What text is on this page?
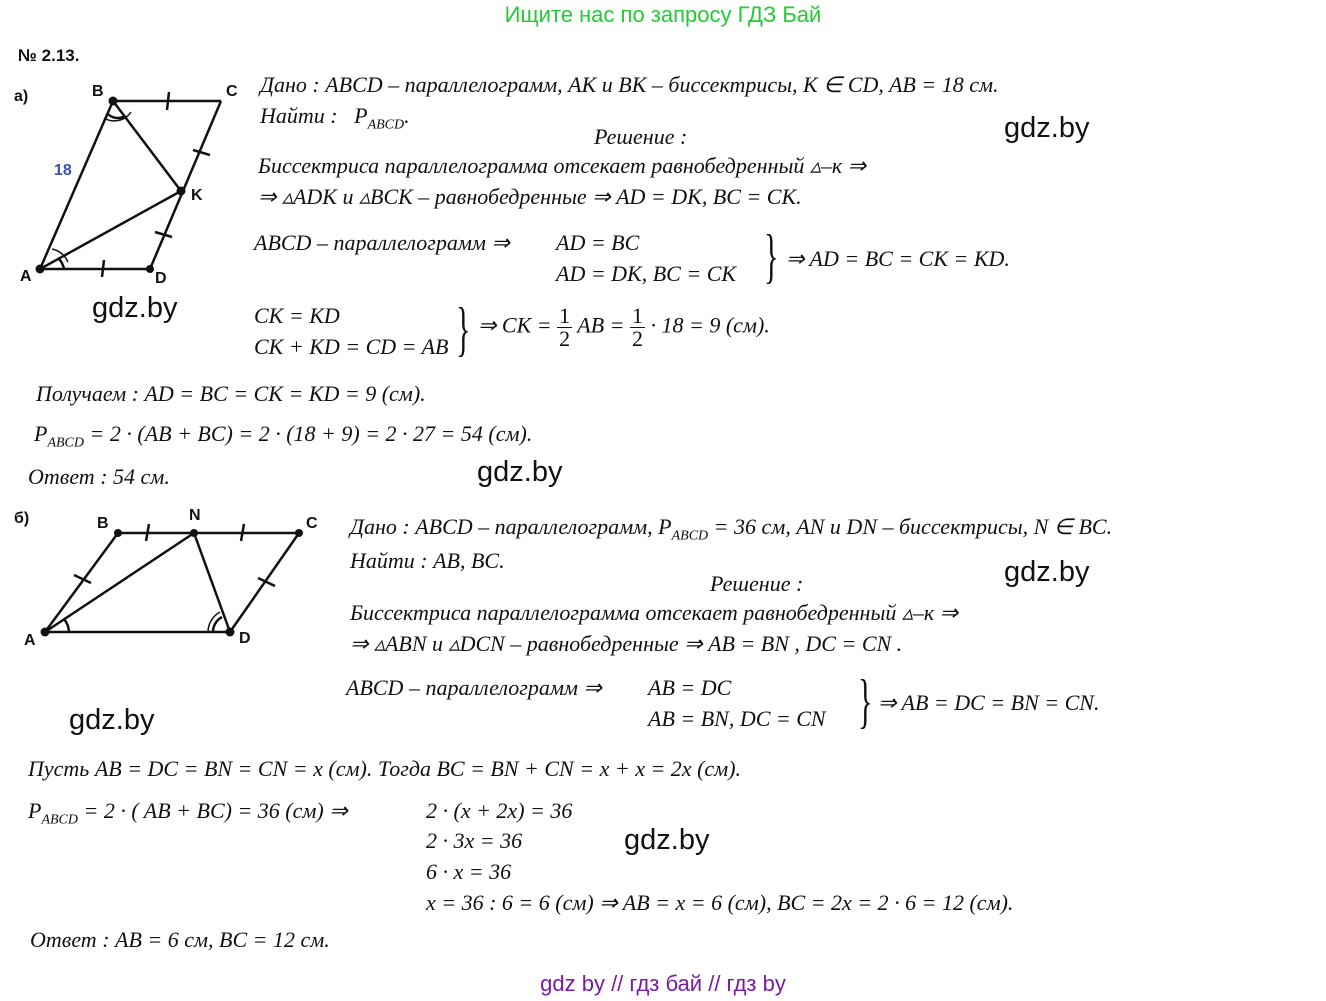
Ищите нас по запросу ГДЗ Бай
№ 2.13.
а)	B	C
K
A	D
18
Дано : ABCD – параллелограмм, AK и BK – биссектрисы, K ∈ CD, AB = 18 см.
Найти : $P_{ABCD}$.
Решение :	gdz.by
Биссектриса параллелограмма отсекает равнобедренный ▵–к ⇒
⇒ ▵ADK и ▵BCK – равнобедренные ⇒ AD = DK, BC = CK.
ABCD – параллелограмм ⇒ AD = BC
AD = DK, BC = CK } ⇒ AD = BC = CK = KD.
gdz.by	CK = KD
CK + KD = CD = AB } ⇒ CK = $\frac{1}{2}$ AB = $\frac{1}{2} \cdot 18 = 9$ (см).
Получаем : AD = BC = CK = KD = 9 (см).
$P_{ABCD} = 2 \cdot (AB + BC) = 2 \cdot (18 + 9) = 2 \cdot 27 = 54$ (см).
Ответ : 54 см.	gdz.by
б)	B	N	C
A	D
Дано : ABCD – параллелограмм, $P_{ABCD} = 36$ см, AN и DN – биссектрисы, N ∈ BC.
Найти : AB, BC.
Решение :	gdz.by
Биссектриса параллелограмма отсекает равнобедренный ▵–к ⇒
⇒ ▵ABN и ▵DCN – равнобедренные ⇒ AB = BN , DC = CN .
ABCD – параллелограмм ⇒ AB = DC
AB = BN, DC = CN } ⇒ AB = DC = BN = CN.
gdz.by
Пусть AB = DC = BN = CN = x (см). Тогда BC = BN + CN = x + x = 2x (см).
$P_{ABCD} = 2$ · ( AB + BC) = 36 (см) ⇒	2 · (x + 2x) = 36
2 · 3x = 36
6 · x = 36
x = 36 : 6 = 6 (см) ⇒ AB = x = 6 (см), BC = 2x = 2 · 6 = 12 (см).
gdz.by
Ответ : AB = 6 см, BC = 12 см.
gdz by // гдз бай // гдз by
